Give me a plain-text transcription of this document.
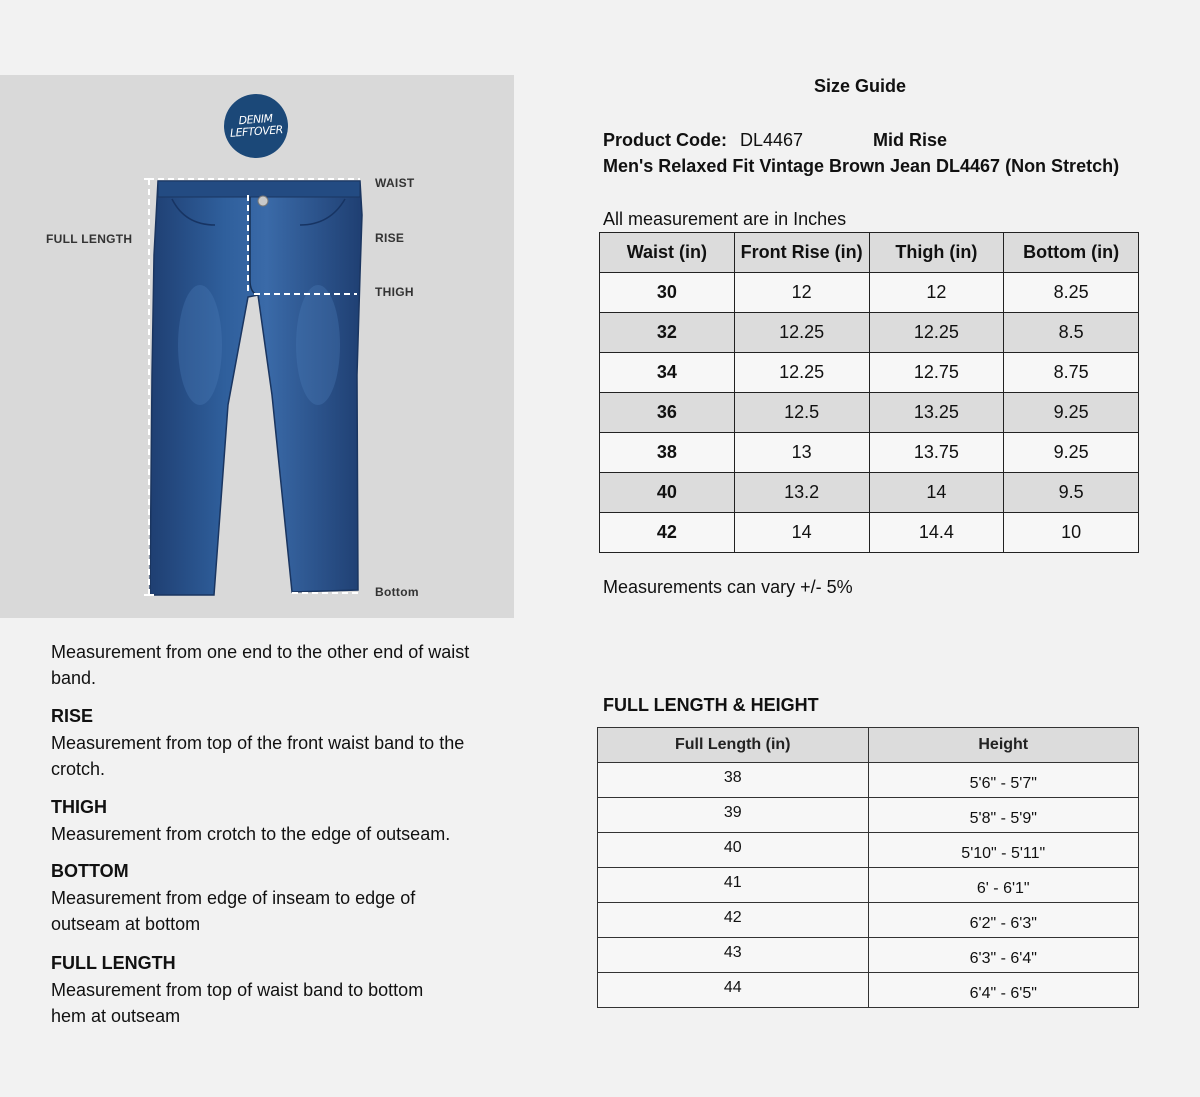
DENIM
LEFTOVER
WAIST
FULL LENGTH	RISE
THIGH
Bottom
Measurement from one end to the other end of waist band.
RISE
Measurement from top of the front waist band to the crotch.
THIGH
Measurement from crotch to the edge of outseam.
BOTTOM
Measurement from edge of inseam to edge of outseam at bottom
FULL LENGTH
Measurement from top of waist band to bottom hem at outseam
Size Guide
Product Code: DL4467	Mid Rise
Men's Relaxed Fit Vintage Brown Jean DL4467 (Non Stretch)
All measurement are in Inches
Waist (in)	Front Rise (in)	Thigh (in)	Bottom (in)
30	12	12	8.25
32	12.25	12.25	8.5
34	12.25	12.75	8.75
36	12.5	13.25	9.25
38	13	13.75	9.25
40	13.2	14	9.5
42	14	14.4	10
Measurements can vary +/- 5%
FULL LENGTH & HEIGHT
Full Length (in)	Height
38	5'6" - 5'7"
39	5'8" - 5'9"
40	5'10" - 5'11"
41	6' - 6'1"
42	6'2" - 6'3"
43	6'3" - 6'4"
44	6'4" - 6'5"
